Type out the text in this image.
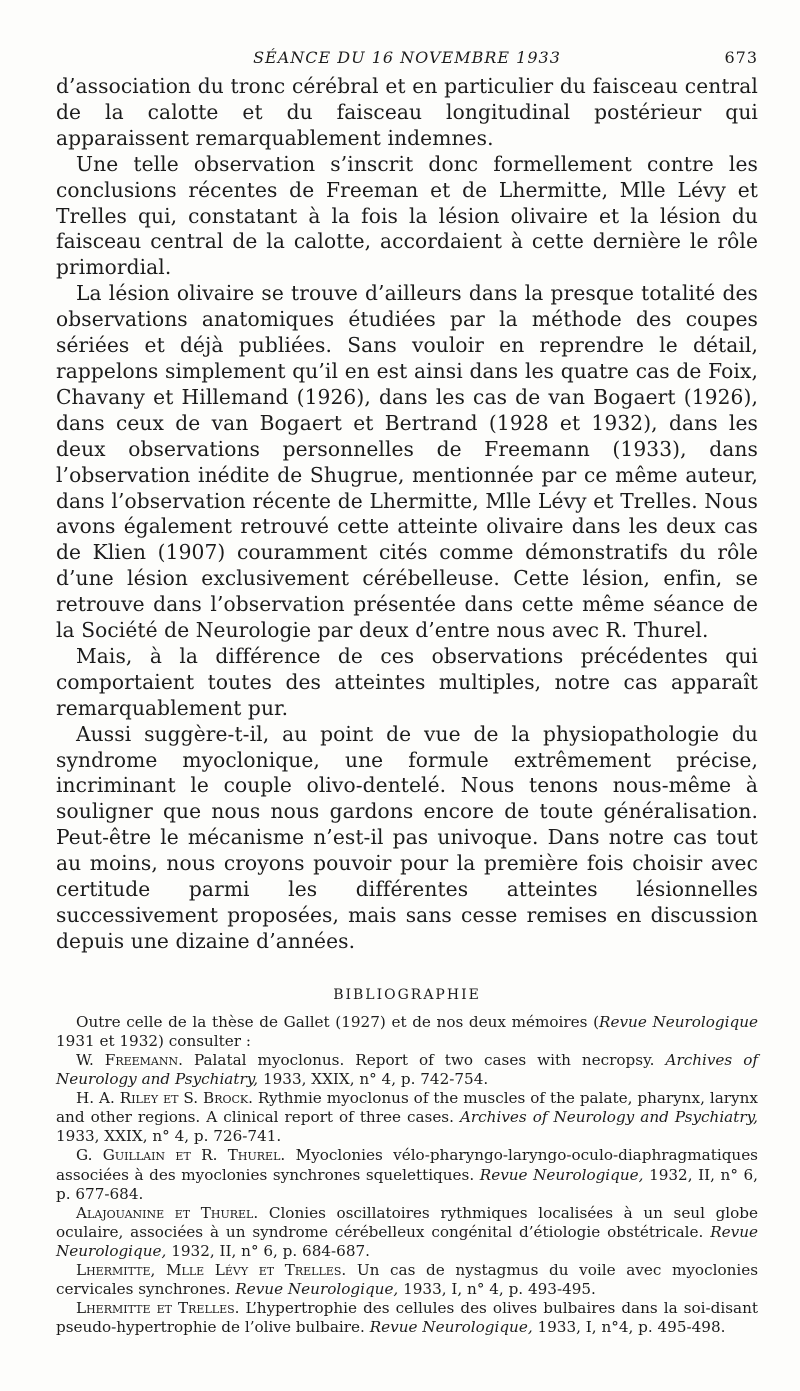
SÉANCE DU 16 NOVEMBRE 1933	673

d’association du tronc cérébral et en particulier du faisceau central de la calotte et du faisceau longitudinal postérieur qui apparaissent remarquablement indemnes.

Une telle observation s’inscrit donc formellement contre les conclusions récentes de Freeman et de Lhermitte, Mlle Lévy et Trelles qui, constatant à la fois la lésion olivaire et la lésion du faisceau central de la calotte, accordaient à cette dernière le rôle primordial.

La lésion olivaire se trouve d’ailleurs dans la presque totalité des observations anatomiques étudiées par la méthode des coupes sériées et déjà publiées. Sans vouloir en reprendre le détail, rappelons simplement qu’il en est ainsi dans les quatre cas de Foix, Chavany et Hillemand (1926), dans les cas de van Bogaert (1926), dans ceux de van Bogaert et Bertrand (1928 et 1932), dans les deux observations personnelles de Freemann (1933), dans l’observation inédite de Shugrue, mentionnée par ce même auteur, dans l’observation récente de Lhermitte, Mlle Lévy et Trelles. Nous avons également retrouvé cette atteinte olivaire dans les deux cas de Klien (1907) couramment cités comme démonstratifs du rôle d’une lésion exclusivement cérébelleuse. Cette lésion, enfin, se retrouve dans l’observation présentée dans cette même séance de la Société de Neurologie par deux d’entre nous avec R. Thurel.

Mais, à la différence de ces observations précédentes qui comportaient toutes des atteintes multiples, notre cas apparaît remarquablement pur.

Aussi suggère-t-il, au point de vue de la physiopathologie du syndrome myoclonique, une formule extrêmement précise, incriminant le couple olivo-dentelé. Nous tenons nous-même à souligner que nous nous gardons encore de toute généralisation. Peut-être le mécanisme n’est-il pas univoque. Dans notre cas tout au moins, nous croyons pouvoir pour la première fois choisir avec certitude parmi les différentes atteintes lésionnelles successivement proposées, mais sans cesse remises en discussion depuis une dizaine d’années.

BIBLIOGRAPHIE

Outre celle de la thèse de Gallet (1927) et de nos deux mémoires (Revue Neurologique 1931 et 1932) consulter :

W. Freemann. Palatal myoclonus. Report of two cases with necropsy. Archives of Neurology and Psychiatry, 1933, XXIX, n° 4, p. 742-754.

H. A. Riley et S. Brock. Rythmie myoclonus of the muscles of the palate, pharynx, larynx and other regions. A clinical report of three cases. Archives of Neurology and Psychiatry, 1933, XXIX, n° 4, p. 726-741.

G. Guillain et R. Thurel. Myoclonies vélo-pharyngo-laryngo-oculo-diaphragmatiques associées à des myoclonies synchrones squelettiques. Revue Neurologique, 1932, II, n° 6, p. 677-684.

Alajouanine et Thurel. Clonies oscillatoires rythmiques localisées à un seul globe oculaire, associées à un syndrome cérébelleux congénital d’étiologie obstétricale. Revue Neurologique, 1932, II, n° 6, p. 684-687.

Lhermitte, Mlle Lévy et Trelles. Un cas de nystagmus du voile avec myoclonies cervicales synchrones. Revue Neurologique, 1933, I, n° 4, p. 493-495.

Lhermitte et Trelles. L’hypertrophie des cellules des olives bulbaires dans la soi-disant pseudo-hypertrophie de l’olive bulbaire. Revue Neurologique, 1933, I, n°4, p. 495-498.
